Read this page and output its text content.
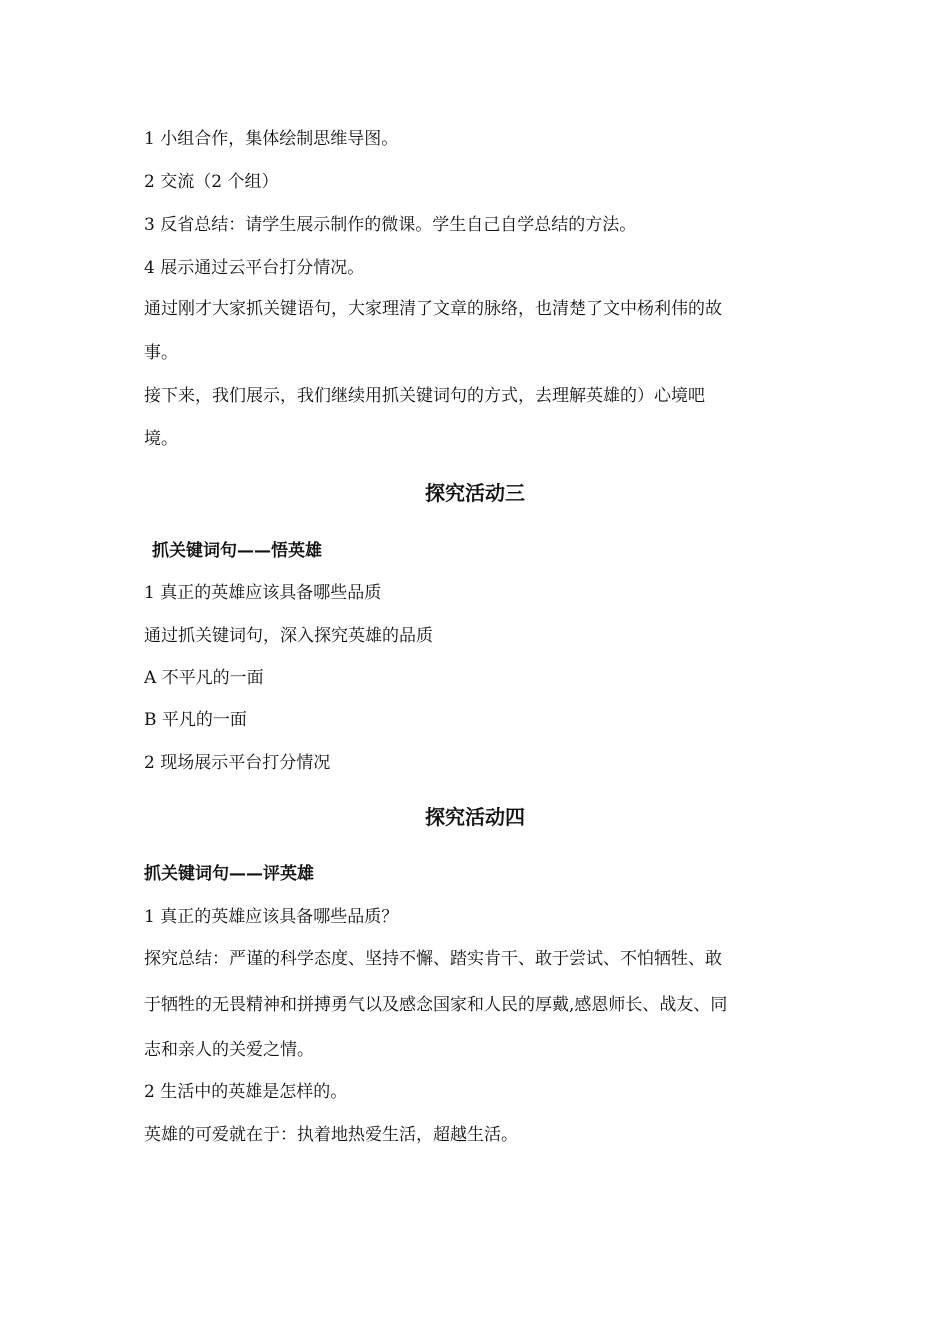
1 小组合作，集体绘制思维导图。
2 交流（2 个组）
3 反省总结：请学生展示制作的微课。学生自己自学总结的方法。
4 展示通过云平台打分情况。
通过刚才大家抓关键语句，大家理清了文章的脉络，也清楚了文中杨利伟的故
事。
接下来，我们展示，我们继续用抓关键词句的方式，去理解英雄的）心境吧
境。
探究活动三
抓关键词句——悟英雄
1 真正的英雄应该具备哪些品质
通过抓关键词句，深入探究英雄的品质
A 不平凡的一面
B 平凡的一面
2 现场展示平台打分情况
探究活动四
抓关键词句——评英雄
1 真正的英雄应该具备哪些品质？
探究总结：严谨的科学态度、坚持不懈、踏实肯干、敢于尝试、不怕牺牲、敢
于牺牲的无畏精神和拼搏勇气以及感念国家和人民的厚戴,感恩师长、战友、同
志和亲人的关爱之情。
2 生活中的英雄是怎样的。
英雄的可爱就在于：执着地热爱生活，超越生活。
